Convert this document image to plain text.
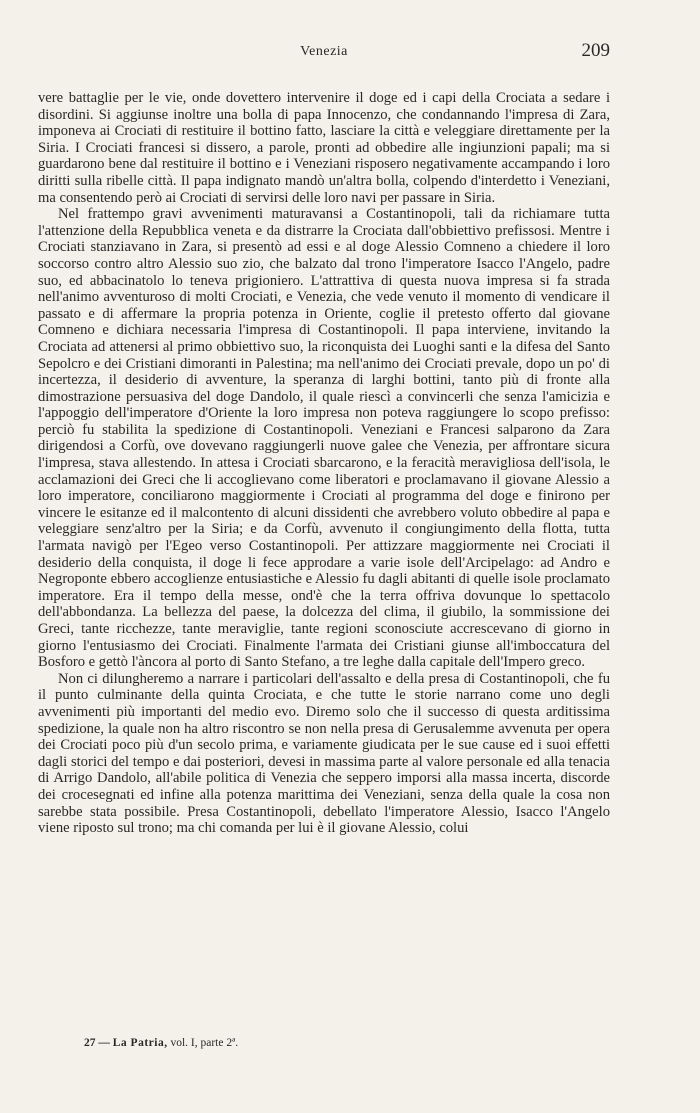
Venezia	209

vere battaglie per le vie, onde dovettero intervenire il doge ed i capi della Crociata a sedare i disordini. Si aggiunse inoltre una bolla di papa Innocenzo, che condannando l'impresa di Zara, imponeva ai Crociati di restituire il bottino fatto, lasciare la città e veleggiare direttamente per la Siria. I Crociati francesi si dissero, a parole, pronti ad obbedire alle ingiunzioni papali; ma si guardarono bene dal restituire il bottino e i Veneziani risposero negativamente accampando i loro diritti sulla ribelle città. Il papa indignato mandò un'altra bolla, colpendo d'interdetto i Veneziani, ma consentendo però ai Crociati di servirsi delle loro navi per passare in Siria.

Nel frattempo gravi avvenimenti maturavansi a Costantinopoli, tali da richiamare tutta l'attenzione della Repubblica veneta e da distrarre la Crociata dall'obbiettivo prefissosi. Mentre i Crociati stanziavano in Zara, si presentò ad essi e al doge Alessio Comneno a chiedere il loro soccorso contro altro Alessio suo zio, che balzato dal trono l'imperatore Isacco l'Angelo, padre suo, ed abbacinatolo lo teneva prigioniero. L'attrattiva di questa nuova impresa si fa strada nell'animo avventuroso di molti Crociati, e Venezia, che vede venuto il momento di vendicare il passato e di affermare la propria potenza in Oriente, coglie il pretesto offerto dal giovane Comneno e dichiara necessaria l'impresa di Costantinopoli. Il papa interviene, invitando la Crociata ad attenersi al primo obbiettivo suo, la riconquista dei Luoghi santi e la difesa del Santo Sepolcro e dei Cristiani dimoranti in Palestina; ma nell'animo dei Crociati prevale, dopo un po' di incertezza, il desiderio di avventure, la speranza di larghi bottini, tanto più di fronte alla dimostrazione persuasiva del doge Dandolo, il quale riescì a convincerli che senza l'amicizia e l'appoggio dell'imperatore d'Oriente la loro impresa non poteva raggiungere lo scopo prefisso: perciò fu stabilita la spedizione di Costantinopoli. Veneziani e Francesi salparono da Zara dirigendosi a Corfù, ove dovevano raggiungerli nuove galee che Venezia, per affrontare sicura l'impresa, stava allestendo. In attesa i Crociati sbarcarono, e la feracità meravigliosa dell'isola, le acclamazioni dei Greci che li accoglievano come liberatori e proclamavano il giovane Alessio a loro imperatore, conciliarono maggiormente i Crociati al programma del doge e finirono per vincere le esitanze ed il malcontento di alcuni dissidenti che avrebbero voluto obbedire al papa e veleggiare senz'altro per la Siria; e da Corfù, avvenuto il congiungimento della flotta, tutta l'armata navigò per l'Egeo verso Costantinopoli. Per attizzare maggiormente nei Crociati il desiderio della conquista, il doge li fece approdare a varie isole dell'Arcipelago: ad Andro e Negroponte ebbero accoglienze entusiastiche e Alessio fu dagli abitanti di quelle isole proclamato imperatore. Era il tempo della messe, ond'è che la terra offriva dovunque lo spettacolo dell'abbondanza. La bellezza del paese, la dolcezza del clima, il giubilo, la sommissione dei Greci, tante ricchezze, tante meraviglie, tante regioni sconosciute accrescevano di giorno in giorno l'entusiasmo dei Crociati. Finalmente l'armata dei Cristiani giunse all'imboccatura del Bosforo e gettò l'àncora al porto di Santo Stefano, a tre leghe dalla capitale dell'Impero greco.

Non ci dilungheremo a narrare i particolari dell'assalto e della presa di Costantinopoli, che fu il punto culminante della quinta Crociata, e che tutte le storie narrano come uno degli avvenimenti più importanti del medio evo. Diremo solo che il successo di questa arditissima spedizione, la quale non ha altro riscontro se non nella presa di Gerusalemme avvenuta per opera dei Crociati poco più d'un secolo prima, e variamente giudicata per le sue cause ed i suoi effetti dagli storici del tempo e dai posteriori, devesi in massima parte al valore personale ed alla tenacia di Arrigo Dandolo, all'abile politica di Venezia che seppero imporsi alla massa incerta, discorde dei crocesegnati ed infine alla potenza marittima dei Veneziani, senza della quale la cosa non sarebbe stata possibile. Presa Costantinopoli, debellato l'imperatore Alessio, Isacco l'Angelo viene riposto sul trono; ma chi comanda per lui è il giovane Alessio, colui

27 — La Patria, vol. I, parte 2ª.
